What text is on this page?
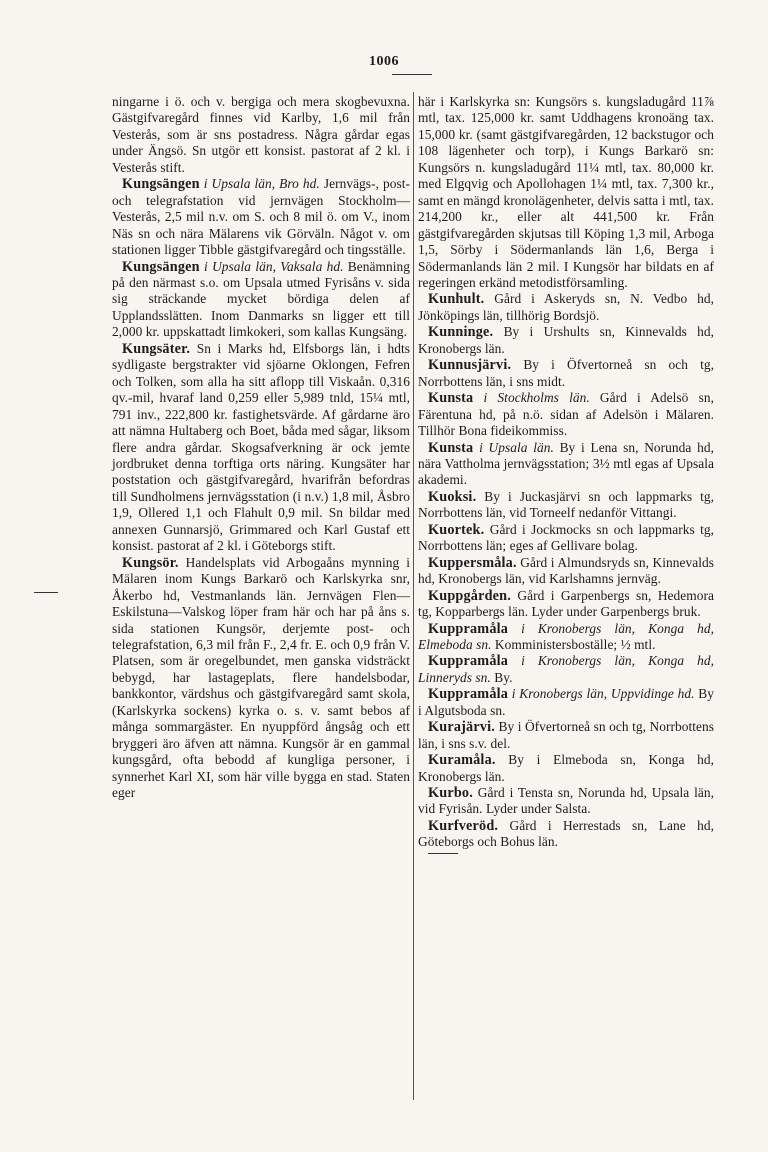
1006

ningarne i ö. och v. bergiga och mera skogbevuxna. Gästgifvaregård finnes vid Karlby, 1,6 mil från Vesterås, som är sns postadress. Några gårdar egas under Ängsö. Sn utgör ett konsist. pastorat af 2 kl. i Vesterås stift.

Kungsängen i Upsala län, Bro hd. Jernvägs-, post- och telegrafstation vid jernvägen Stockholm—Vesterås, 2,5 mil n.v. om S. och 8 mil ö. om V., inom Näs sn och nära Mälarens vik Görväln. Något v. om stationen ligger Tibble gästgifvaregård och tingsställe.

Kungsängen i Upsala län, Vaksala hd. Benämning på den närmast s.o. om Upsala utmed Fyrisåns v. sida sig sträckande mycket bördiga delen af Upplandsslätten. Inom Danmarks sn ligger ett till 2,000 kr. uppskattadt limkokeri, som kallas Kungsäng.

Kungsäter. Sn i Marks hd, Elfsborgs län, i hdts sydligaste bergstrakter vid sjöarne Oklongen, Fefren och Tolken, som alla ha sitt aflopp till Viskaån. 0,316 qv.-mil, hvaraf land 0,259 eller 5,989 tnld, 15¼ mtl, 791 inv., 222,800 kr. fastighetsvärde. Af gårdarne äro att nämna Hultaberg och Boet, båda med sågar, liksom flere andra gårdar. Skogsafverkning är ock jemte jordbruket denna torftiga orts näring. Kungsäter har poststation och gästgifvaregård, hvarifrån befordras till Sundholmens jernvägsstation (i n.v.) 1,8 mil, Åsbro 1,9, Ollered 1,1 och Flahult 0,9 mil. Sn bildar med annexen Gunnarsjö, Grimmared och Karl Gustaf ett konsist. pastorat af 2 kl. i Göteborgs stift.

Kungsör. Handelsplats vid Arbogaåns mynning i Mälaren inom Kungs Barkarö och Karlskyrka snr, Åkerbo hd, Vestmanlands län. Jernvägen Flen—Eskilstuna—Valskog löper fram här och har på åns s. sida stationen Kungsör, derjemte post- och telegrafstation, 6,3 mil från F., 2,4 fr. E. och 0,9 från V. Platsen, som är oregelbundet, men ganska vidsträckt bebygd, har lastageplats, flere handelsbodar, bankkontor, värdshus och gästgifvaregård samt skola, (Karlskyrka sockens) kyrka o. s. v. samt bebos af många sommargäster. En nyuppförd ångsåg och ett bryggeri äro äfven att nämna. Kungsör är en gammal kungsgård, ofta bebodd af kungliga personer, i synnerhet Karl XI, som här ville bygga en stad. Staten eger

här i Karlskyrka sn: Kungsörs s. kungsladugård 11⅞ mtl, tax. 125,000 kr. samt Uddhagens kronoäng tax. 15,000 kr. (samt gästgifvaregården, 12 backstugor och 108 lägenheter och torp), i Kungs Barkarö sn: Kungsörs n. kungsladugård 11¼ mtl, tax. 80,000 kr. med Elgqvig och Apollohagen 1¼ mtl, tax. 7,300 kr., samt en mängd kronolägenheter, delvis satta i mtl, tax. 214,200 kr., eller alt 441,500 kr. Från gästgifvaregården skjutsas till Köping 1,3 mil, Arboga 1,5, Sörby i Södermanlands län 1,6, Berga i Södermanlands län 2 mil. I Kungsör har bildats en af regeringen erkänd metodistförsamling.

Kunhult. Gård i Askeryds sn, N. Vedbo hd, Jönköpings län, tillhörig Bordsjö.

Kunninge. By i Urshults sn, Kinnevalds hd, Kronobergs län.

Kunnusjärvi. By i Öfvertorneå sn och tg, Norrbottens län, i sns midt.

Kunsta i Stockholms län. Gård i Adelsö sn, Färentuna hd, på n.ö. sidan af Adelsön i Mälaren. Tillhör Bona fideikommiss.

Kunsta i Upsala län. By i Lena sn, Norunda hd, nära Vattholma jernvägsstation; 3½ mtl egas af Upsala akademi.

Kuoksi. By i Juckasjärvi sn och lappmarks tg, Norrbottens län, vid Torneelf nedanför Vittangi.

Kuortek. Gård i Jockmocks sn och lappmarks tg, Norrbottens län; eges af Gellivare bolag.

Kuppersmåla. Gård i Almundsryds sn, Kinnevalds hd, Kronobergs län, vid Karlshamns jernväg.

Kuppgården. Gård i Garpenbergs sn, Hedemora tg, Kopparbergs län. Lyder under Garpenbergs bruk.

Kuppramåla i Kronobergs län, Konga hd, Elmeboda sn. Komministersboställe; ½ mtl.

Kuppramåla i Kronobergs län, Konga hd, Linneryds sn. By.

Kuppramåla i Kronobergs län, Uppvidinge hd. By i Algutsboda sn.

Kurajärvi. By i Öfvertorneå sn och tg, Norrbottens län, i sns s.v. del.

Kuramåla. By i Elmeboda sn, Konga hd, Kronobergs län.

Kurbo. Gård i Tensta sn, Norunda hd, Upsala län, vid Fyrisån. Lyder under Salsta.

Kurfveröd. Gård i Herrestads sn, Lane hd, Göteborgs och Bohus län.
